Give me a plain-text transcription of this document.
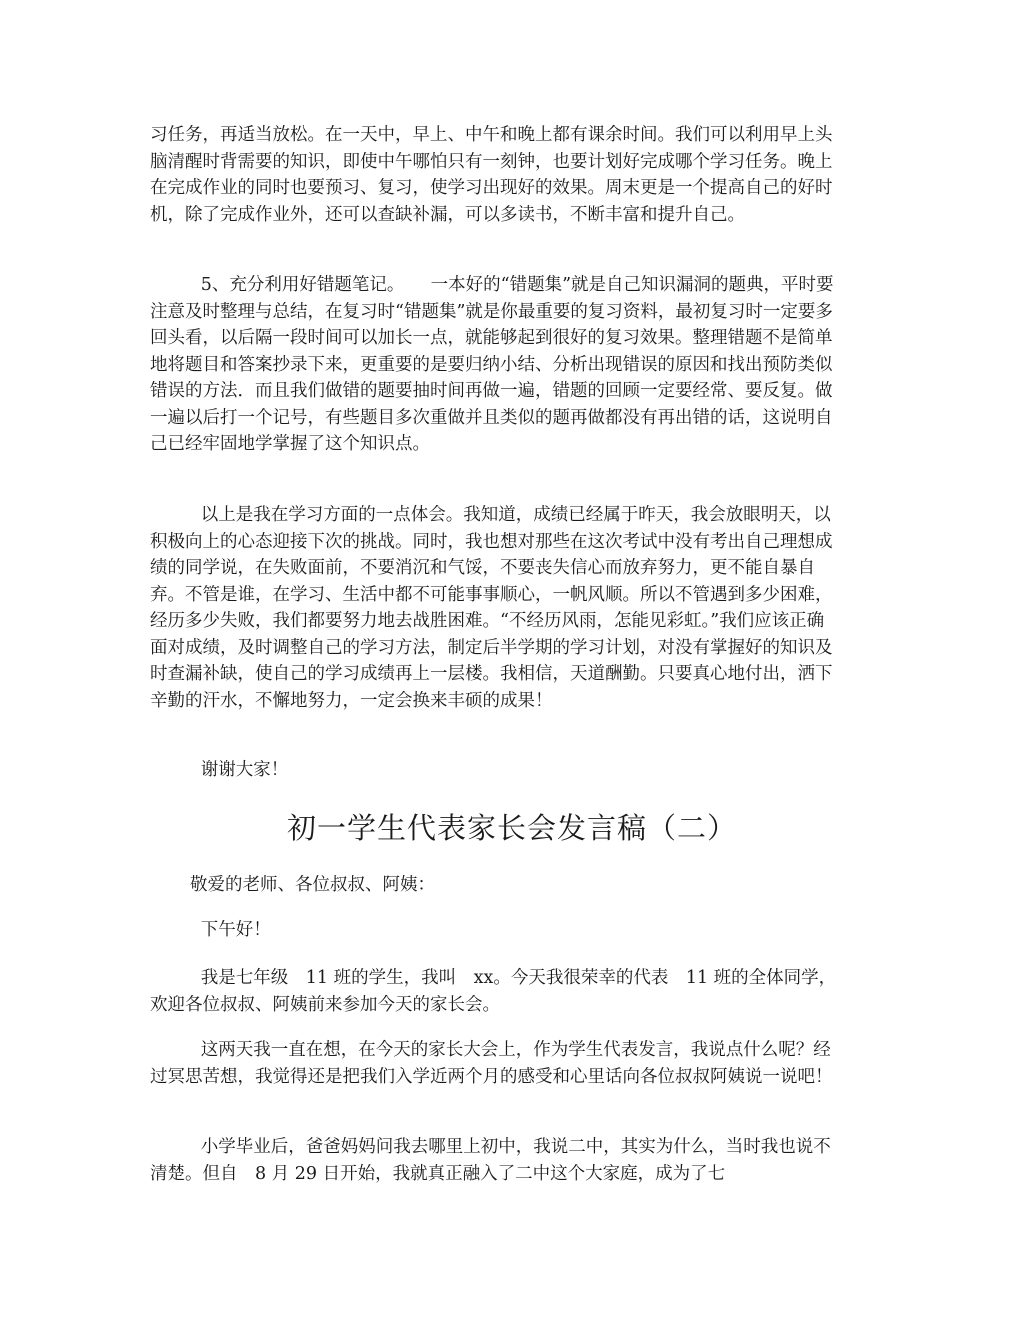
习任务，再适当放松。在一天中，早上、中午和晚上都有课余时间。我们可以利用早上头脑清醒时背需要的知识，即使中午哪怕只有一刻钟，也要计划好完成哪个学习任务。晚上在完成作业的同时也要预习、复习，使学习出现好的效果。周末更是一个提高自己的好时机，除了完成作业外，还可以查缺补漏，可以多读书，不断丰富和提升自己。

5、充分利用好错题笔记。　　一本好的“错题集”就是自己知识漏洞的题典，平时要注意及时整理与总结，在复习时“错题集”就是你最重要的复习资料，最初复习时一定要多回头看，以后隔一段时间可以加长一点，就能够起到很好的复习效果。整理错题不是简单地将题目和答案抄录下来，更重要的是要归纳小结、分析出现错误的原因和找出预防类似错误的方法．而且我们做错的题要抽时间再做一遍，错题的回顾一定要经常、要反复。做一遍以后打一个记号，有些题目多次重做并且类似的题再做都没有再出错的话，这说明自己已经牢固地学掌握了这个知识点。

以上是我在学习方面的一点体会。我知道，成绩已经属于昨天，我会放眼明天，以积极向上的心态迎接下次的挑战。同时，我也想对那些在这次考试中没有考出自己理想成绩的同学说，在失败面前，不要消沉和气馁，不要丧失信心而放弃努力，更不能自暴自弃。不管是谁，在学习、生活中都不可能事事顺心，一帆风顺。所以不管遇到多少困难，经历多少失败，我们都要努力地去战胜困难。“不经历风雨，怎能见彩虹。”我们应该正确面对成绩，及时调整自己的学习方法，制定后半学期的学习计划，对没有掌握好的知识及时查漏补缺，使自己的学习成绩再上一层楼。我相信，天道酬勤。只要真心地付出，洒下辛勤的汗水，不懈地努力，一定会换来丰硕的成果！

谢谢大家！

初一学生代表家长会发言稿（二）

敬爱的老师、各位叔叔、阿姨：

下午好！

我是七年级　11 班的学生，我叫　xx。今天我很荣幸的代表　11 班的全体同学，欢迎各位叔叔、阿姨前来参加今天的家长会。

这两天我一直在想，在今天的家长大会上，作为学生代表发言，我说点什么呢？经过冥思苦想，我觉得还是把我们入学近两个月的感受和心里话向各位叔叔阿姨说一说吧！

小学毕业后，爸爸妈妈问我去哪里上初中，我说二中，其实为什么，当时我也说不清楚。但自　8 月 29 日开始，我就真正融入了二中这个大家庭，成为了七
